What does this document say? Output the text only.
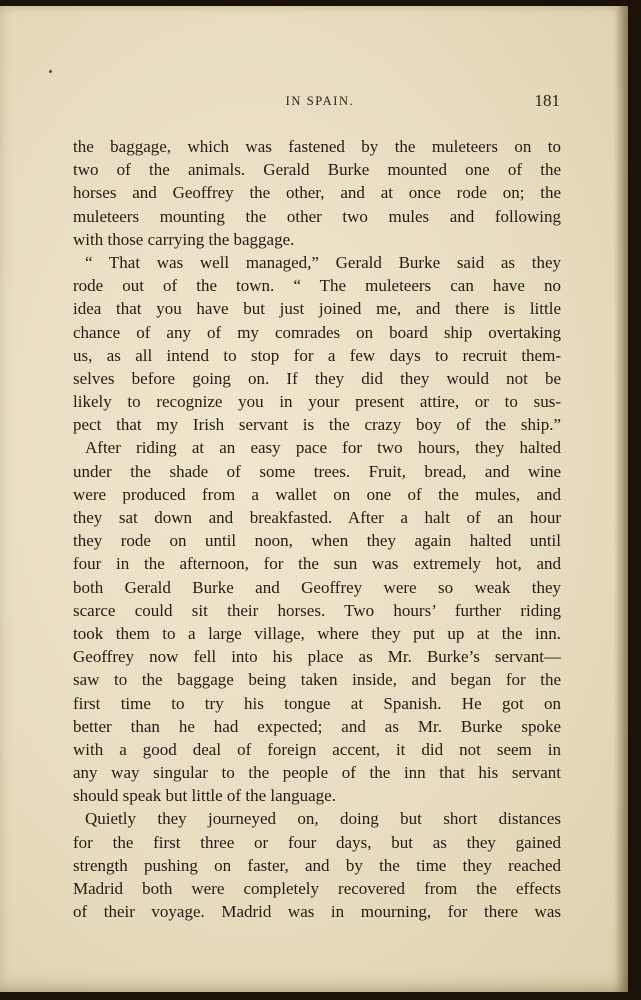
IN SPAIN.	181
the baggage, which was fastened by the muleteers on to
two of the animals. Gerald Burke mounted one of the
horses and Geoffrey the other, and at once rode on; the
muleteers mounting the other two mules and following
with those carrying the baggage.
“ That was well managed,” Gerald Burke said as they
rode out of the town. “ The muleteers can have no
idea that you have but just joined me, and there is little
chance of any of my comrades on board ship overtaking
us, as all intend to stop for a few days to recruit them-
selves before going on. If they did they would not be
likely to recognize you in your present attire, or to sus-
pect that my Irish servant is the crazy boy of the ship.”
After riding at an easy pace for two hours, they halted
under the shade of some trees. Fruit, bread, and wine
were produced from a wallet on one of the mules, and
they sat down and breakfasted. After a halt of an hour
they rode on until noon, when they again halted until
four in the afternoon, for the sun was extremely hot, and
both Gerald Burke and Geoffrey were so weak they
scarce could sit their horses. Two hours’ further riding
took them to a large village, where they put up at the inn.
Geoffrey now fell into his place as Mr. Burke’s servant—
saw to the baggage being taken inside, and began for the
first time to try his tongue at Spanish. He got on
better than he had expected; and as Mr. Burke spoke
with a good deal of foreign accent, it did not seem in
any way singular to the people of the inn that his servant
should speak but little of the language.
Quietly they journeyed on, doing but short distances
for the first three or four days, but as they gained
strength pushing on faster, and by the time they reached
Madrid both were completely recovered from the effects
of their voyage. Madrid was in mourning, for there was
